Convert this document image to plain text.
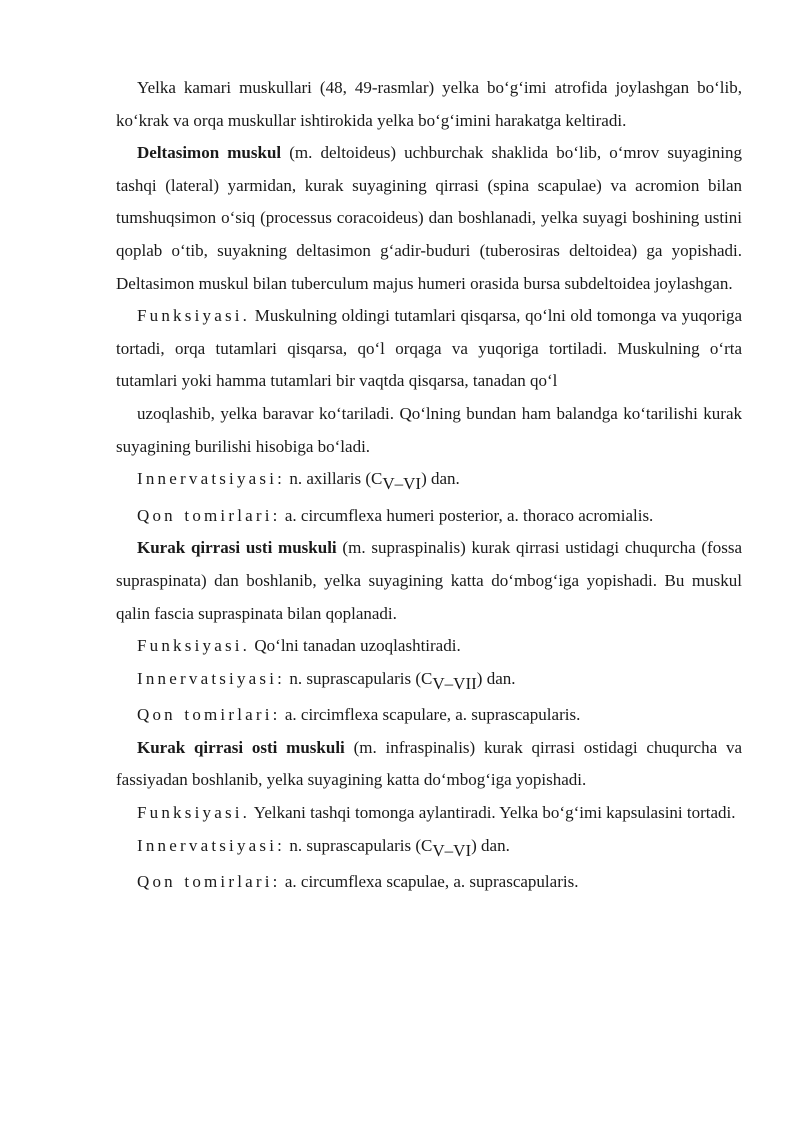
Yelka kamari muskullari (48, 49-rasmlar) yelka bo‘g‘imi atrofida joylashgan bo‘lib, ko‘krak va orqa muskullar ishtirokida yelka bo‘g‘imini harakatga keltiradi.

Deltasimon muskul (m. deltoideus) uchburchak shaklida bo‘lib, o‘mrov suyagining tashqi (lateral) yarmidan, kurak suyagining qirrasi (spina scapulae) va acromion bilan tumshuqsimon o‘siq (processus coracoideus) dan boshlanadi, yelka suyagi boshining ustini qoplab o‘tib, suyakning deltasimon g‘adir-buduri (tuberosiras deltoidea) ga yopishadi. Deltasimon muskul bilan tuberculum majus humeri orasida bursa subdeltoidea joylashgan.

Funksiyasi. Muskulning oldingi tutamlari qisqarsa, qo‘lni old tomonga va yuqoriga tortadi, orqa tutamlari qisqarsa, qo‘l orqaga va yuqoriga tortiladi. Muskulning o‘rta tutamlari yoki hamma tutamlari bir vaqtda qisqarsa, tanadan qo‘l

uzoqlashib, yelka baravar ko‘tariladi. Qo‘lning bundan ham balandga ko‘tarilishi kurak suyagining burilishi hisobiga bo‘ladi.

Innervatsiyasi: n. axillaris (CV–VI) dan.

Qon tomirlari: a. circumflexa humeri posterior, a. thoraco acromialis.

Kurak qirrasi usti muskuli (m. supraspinalis) kurak qirrasi ustidagi chuqurcha (fossa supraspinata) dan boshlanib, yelka suyagining katta do‘mbog‘iga yopishadi. Bu muskul qalin fascia supraspinata bilan qoplanadi.

Funksiyasi. Qo‘lni tanadan uzoqlashtiradi.

Innervatsiyasi: n. suprascapularis (CV–VII) dan.

Qon tomirlari: a. circimflexa scapulare, a. suprascapularis.

Kurak qirrasi osti muskuli (m. infraspinalis) kurak qirrasi ostidagi chuqurcha va fassiyadan boshlanib, yelka suyagining katta do‘mbog‘iga yopishadi.

Funksiyasi. Yelkani tashqi tomonga aylantiradi. Yelka bo‘g‘imi kapsulasini tortadi.

Innervatsiyasi: n. suprascapularis (CV–VI) dan.

Qon tomirlari: a. circumflexa scapulae, a. suprascapularis.
